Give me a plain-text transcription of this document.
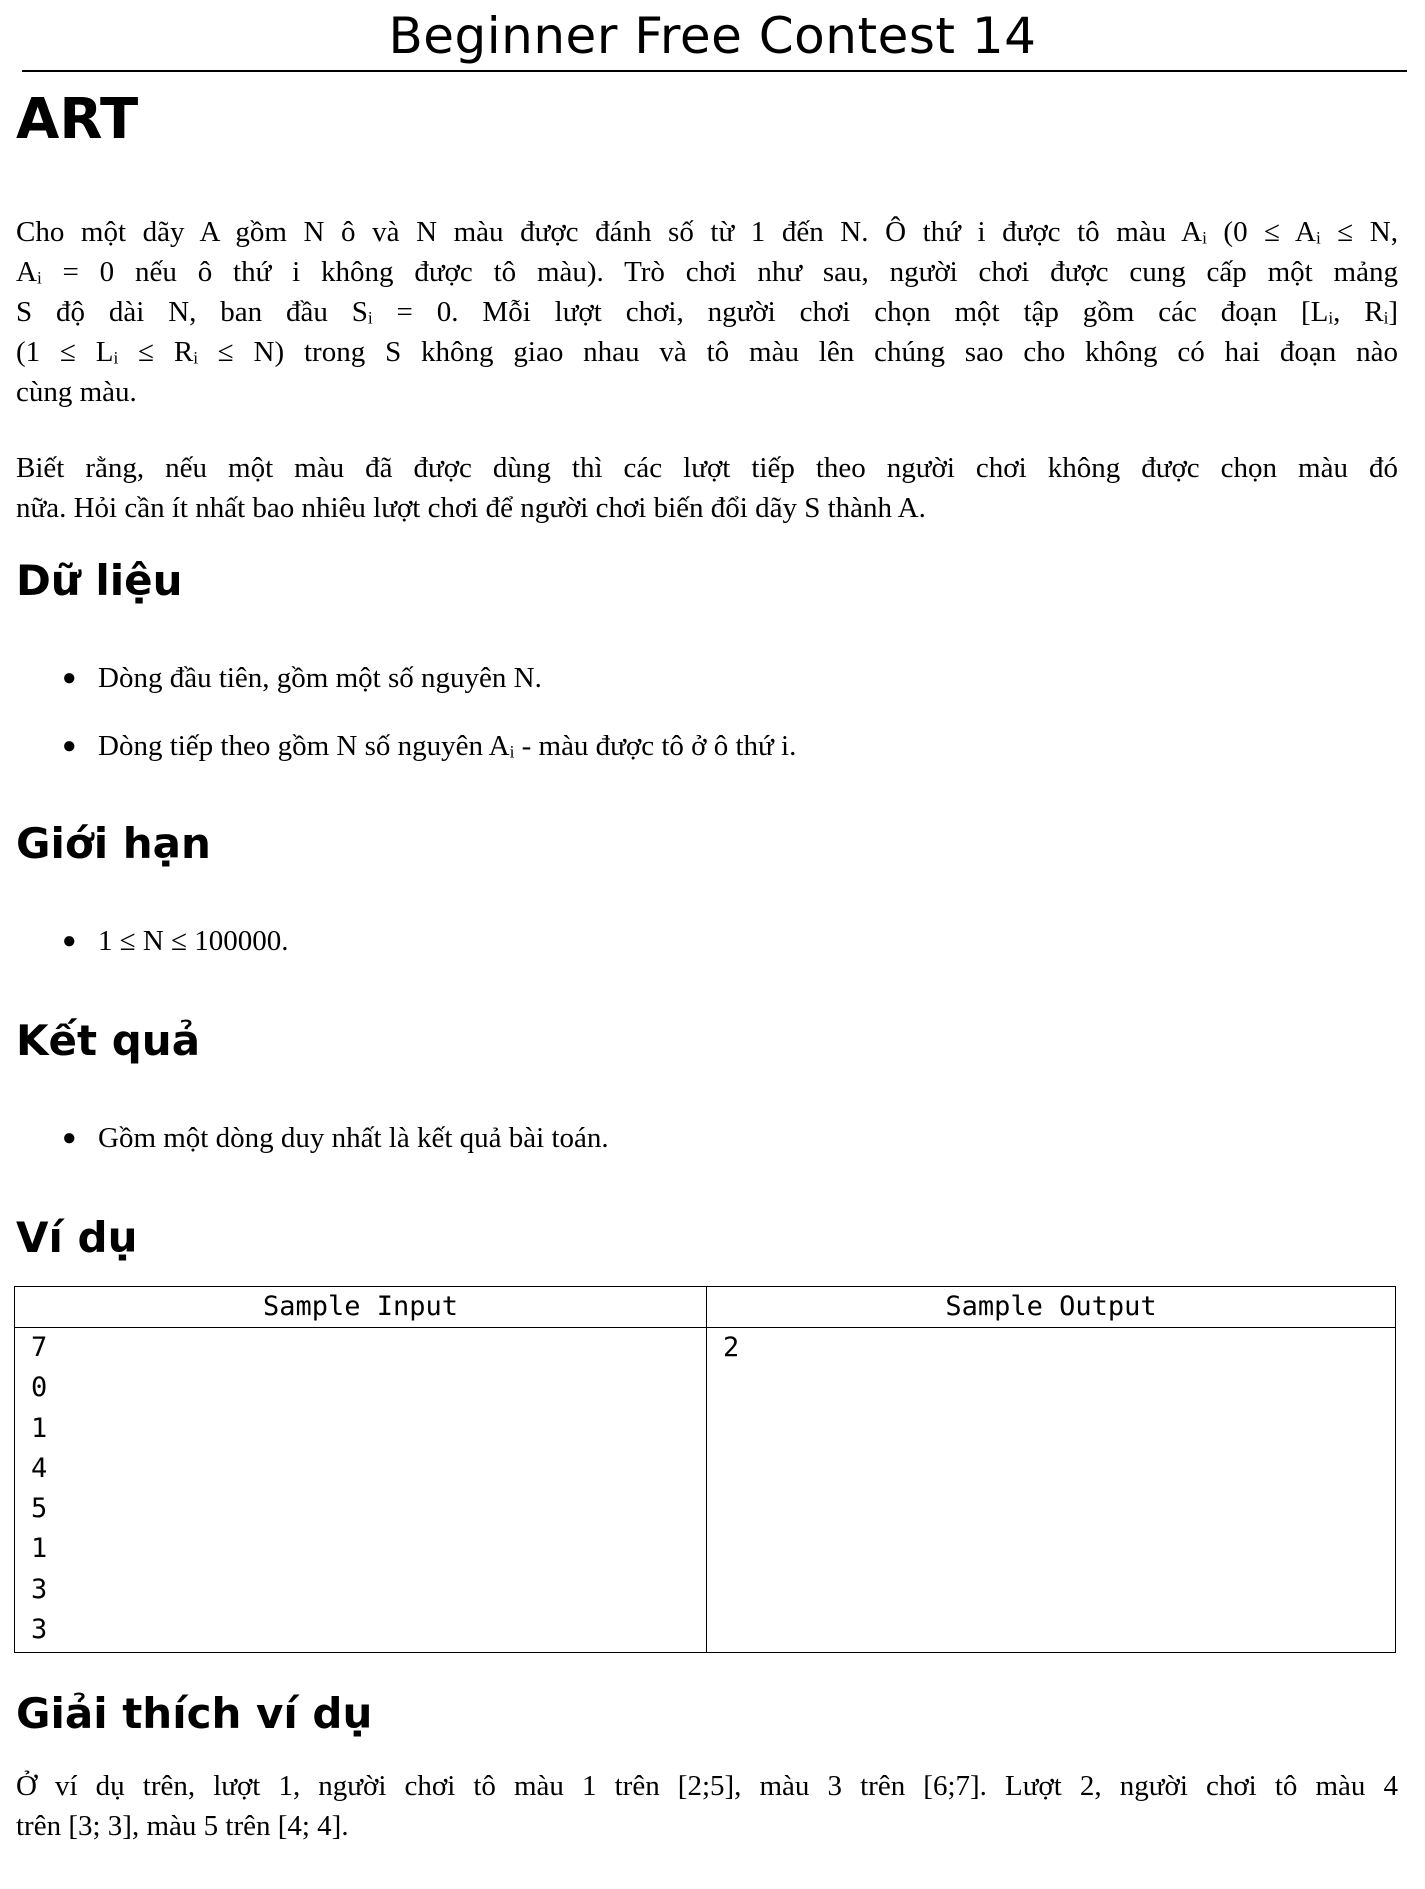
Beginner Free Contest 14
ART
Cho một dãy A gồm N ô và N màu được đánh số từ 1 đến N. Ô thứ i được tô màu Aᵢ (0 ≤ Aᵢ ≤ N,
Aᵢ = 0 nếu ô thứ i không được tô màu). Trò chơi như sau, người chơi được cung cấp một mảng
S độ dài N, ban đầu Sᵢ = 0. Mỗi lượt chơi, người chơi chọn một tập gồm các đoạn [Lᵢ, Rᵢ]
(1 ≤ Lᵢ ≤ Rᵢ ≤ N) trong S không giao nhau và tô màu lên chúng sao cho không có hai đoạn nào
cùng màu.
Biết rằng, nếu một màu đã được dùng thì các lượt tiếp theo người chơi không được chọn màu đó
nữa. Hỏi cần ít nhất bao nhiêu lượt chơi để người chơi biến đổi dãy S thành A.
Dữ liệu
● Dòng đầu tiên, gồm một số nguyên N.
● Dòng tiếp theo gồm N số nguyên Aᵢ - màu được tô ở ô thứ i.
Giới hạn
● 1 ≤ N ≤ 100000.
Kết quả
● Gồm một dòng duy nhất là kết quả bài toán.
Ví dụ
Sample Input
7
0
1
4
5
1
3
3
Sample Output
2
Giải thích ví dụ
Ở ví dụ trên, lượt 1, người chơi tô màu 1 trên [2;5], màu 3 trên [6;7]. Lượt 2, người chơi tô màu 4
trên [3; 3], màu 5 trên [4; 4].
